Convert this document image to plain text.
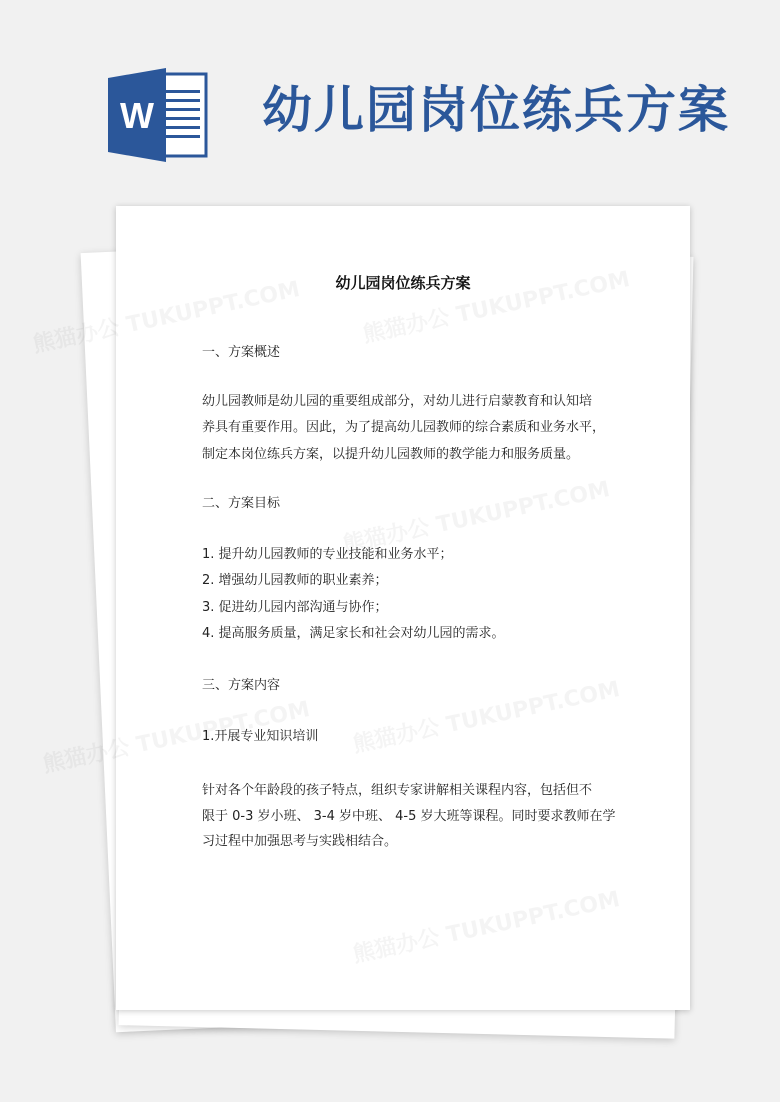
W 幼儿园岗位练兵方案
幼儿园岗位练兵方案
一、方案概述
幼儿园教师是幼儿园的重要组成部分，对幼儿进行启蒙教育和认知培
养具有重要作用。因此，为了提高幼儿园教师的综合素质和业务水平，
制定本岗位练兵方案，以提升幼儿园教师的教学能力和服务质量。
二、方案目标
1. 提升幼儿园教师的专业技能和业务水平；
2. 增强幼儿园教师的职业素养；
3. 促进幼儿园内部沟通与协作；
4. 提高服务质量，满足家长和社会对幼儿园的需求。
三、方案内容
1.开展专业知识培训
针对各个年龄段的孩子特点，组织专家讲解相关课程内容，包括但不
限于 0-3 岁小班、 3-4 岁中班、 4-5 岁大班等课程。同时要求教师在学
习过程中加强思考与实践相结合。
